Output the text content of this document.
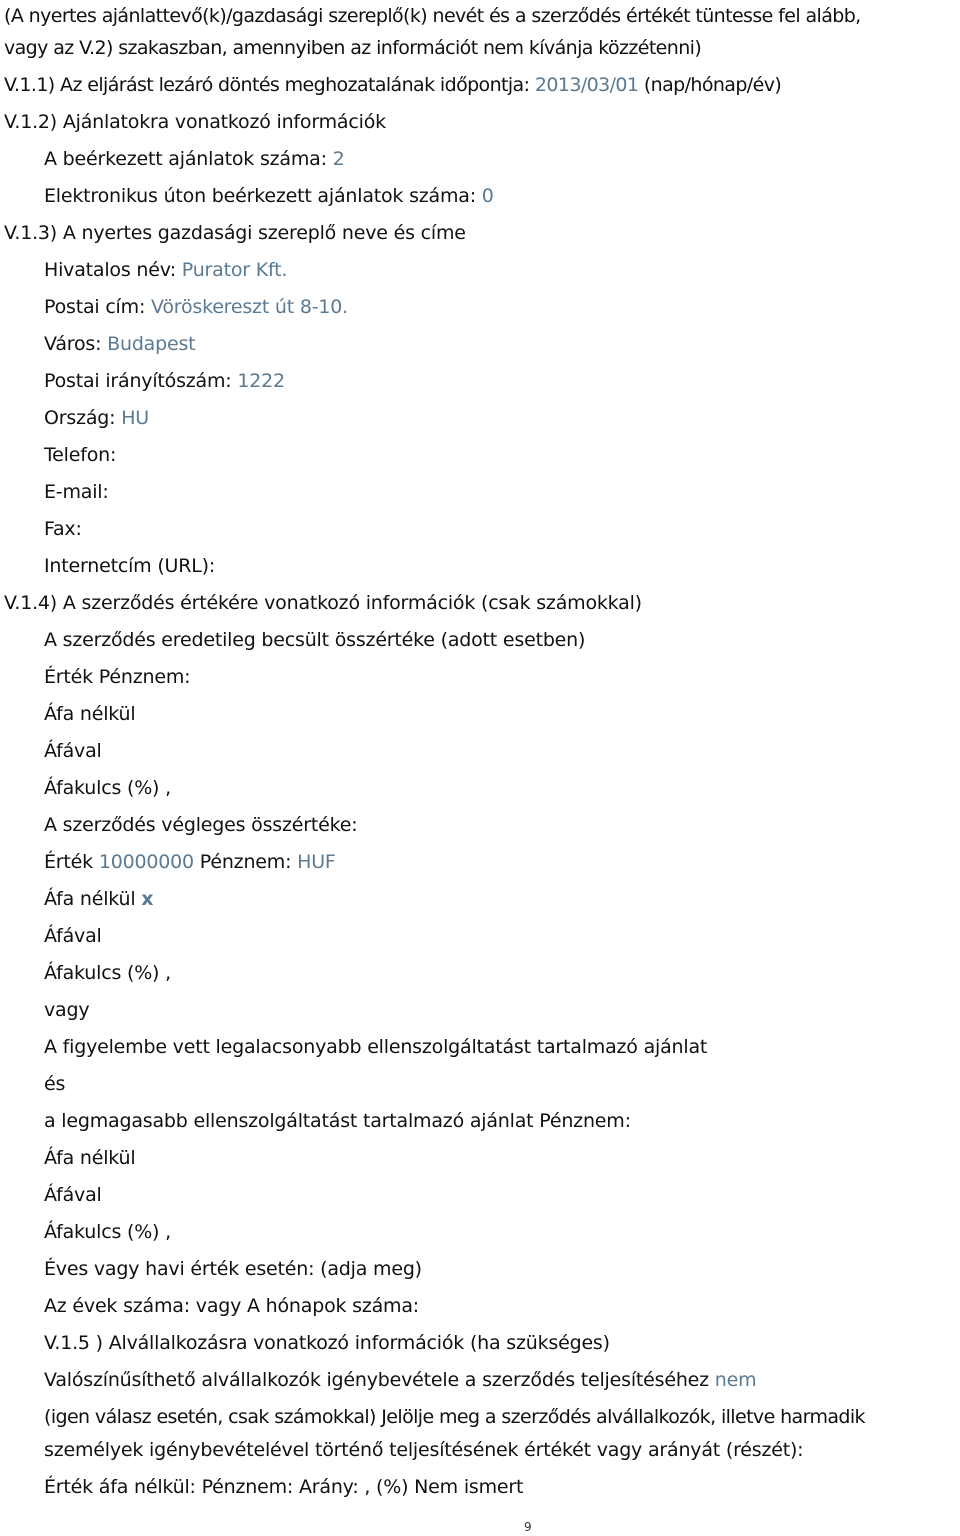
(A nyertes ajánlattevő(k)/gazdasági szereplő(k) nevét és a szerződés értékét tüntesse fel alább,
vagy az V.2) szakaszban, amennyiben az információt nem kívánja közzétenni)
V.1.1) Az eljárást lezáró döntés meghozatalának időpontja: 2013/03/01 (nap/hónap/év)
V.1.2) Ajánlatokra vonatkozó információk
A beérkezett ajánlatok száma: 2
Elektronikus úton beérkezett ajánlatok száma: 0
V.1.3) A nyertes gazdasági szereplő neve és címe
Hivatalos név: Purator Kft.
Postai cím: Vöröskereszt út 8-10.
Város: Budapest
Postai irányítószám: 1222
Ország: HU
Telefon:
E-mail:
Fax:
Internetcím (URL):
V.1.4) A szerződés értékére vonatkozó információk (csak számokkal)
A szerződés eredetileg becsült összértéke (adott esetben)
Érték Pénznem:
Áfa nélkül
Áfával
Áfakulcs (%) ,
A szerződés végleges összértéke:
Érték 10000000 Pénznem: HUF
Áfa nélkül x
Áfával
Áfakulcs (%) ,
vagy
A figyelembe vett legalacsonyabb ellenszolgáltatást tartalmazó ajánlat
és
a legmagasabb ellenszolgáltatást tartalmazó ajánlat Pénznem:
Áfa nélkül
Áfával
Áfakulcs (%) ,
Éves vagy havi érték esetén: (adja meg)
Az évek száma: vagy A hónapok száma:
V.1.5 ) Alvállalkozásra vonatkozó információk (ha szükséges)
Valószínűsíthető alvállalkozók igénybevétele a szerződés teljesítéséhez nem
(igen válasz esetén, csak számokkal) Jelölje meg a szerződés alvállalkozók, illetve harmadik
személyek igénybevételével történő teljesítésének értékét vagy arányát (részét):
Érték áfa nélkül: Pénznem: Arány: , (%) Nem ismert
9
